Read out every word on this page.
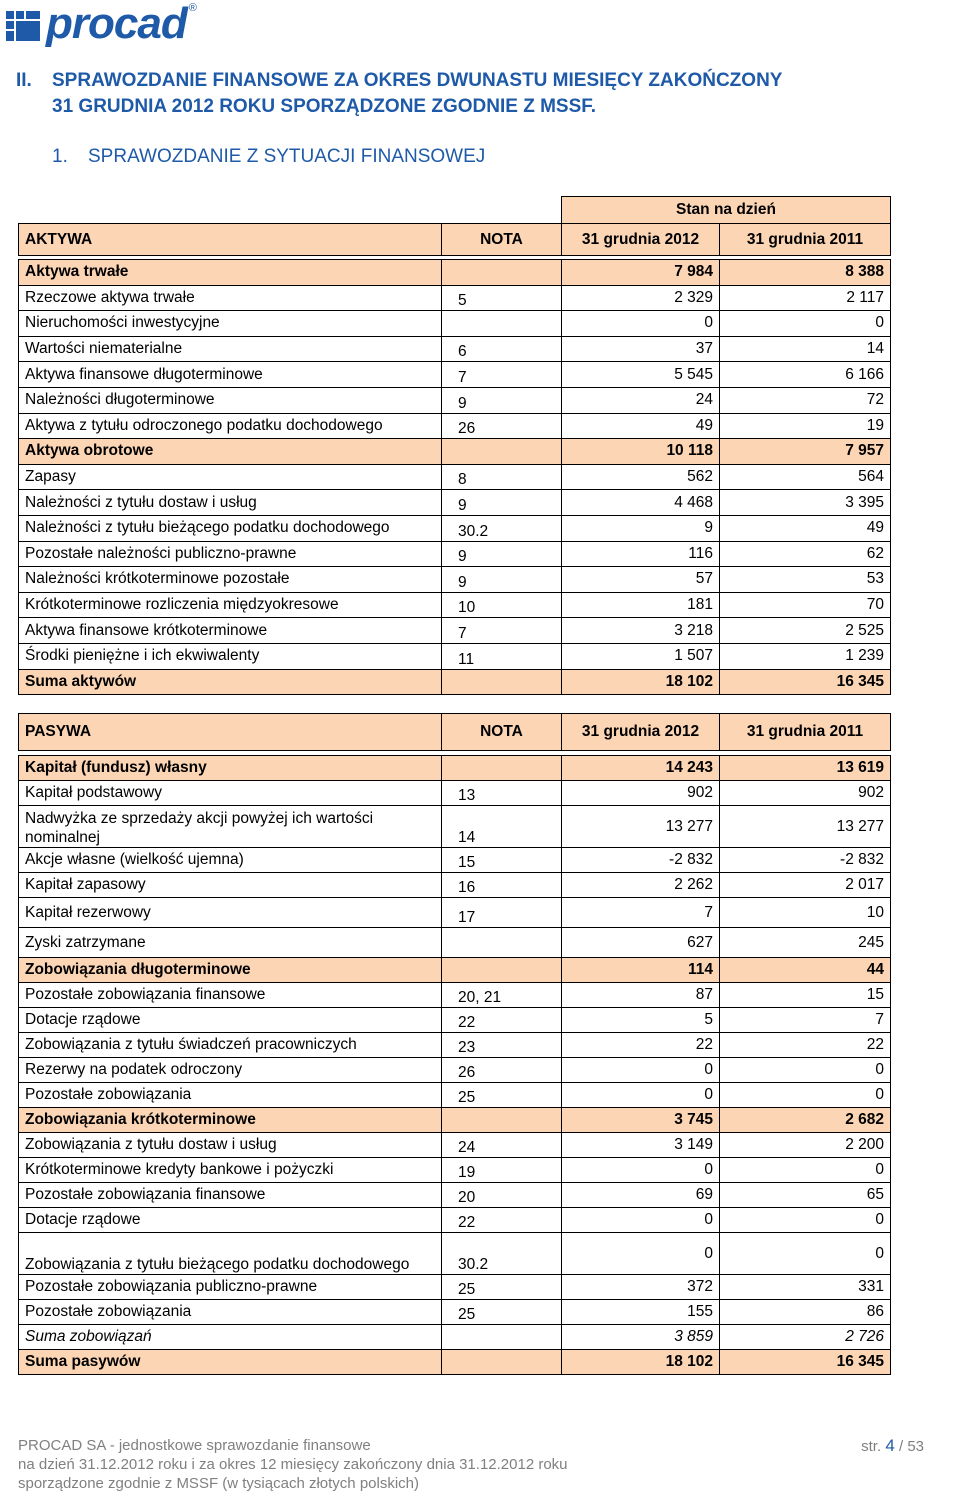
procad ®
II. SPRAWOZDANIE FINANSOWE ZA OKRES DWUNASTU MIESIĘCY ZAKOŃCZONY
31 GRUDNIA 2012 ROKU SPORZĄDZONE ZGODNIE Z MSSF.
1. SPRAWOZDANIE Z SYTUACJI FINANSOWEJ
		Stan na dzień	
AKTYWA	NOTA	31 grudnia 2012	31 grudnia 2011

Aktywa trwałe		7 984	8 388
Rzeczowe aktywa trwałe	5	2 329	2 117
Nieruchomości inwestycyjne		0	0
Wartości niematerialne	6	37	14
Aktywa finansowe długoterminowe	7	5 545	6 166
Należności długoterminowe	9	24	72
Aktywa z tytułu odroczonego podatku dochodowego	26	49	19
Aktywa obrotowe		10 118	7 957
Zapasy	8	562	564
Należności z tytułu dostaw i usług	9	4 468	3 395
Należności z tytułu bieżącego podatku dochodowego	30.2	9	49
Pozostałe należności publiczno-prawne	9	116	62
Należności krótkoterminowe pozostałe	9	57	53
Krótkoterminowe rozliczenia międzyokresowe	10	181	70
Aktywa finansowe krótkoterminowe	7	3 218	2 525
Środki pieniężne i ich ekwiwalenty	11	1 507	1 239
Suma aktywów		18 102	16 345
PASYWA	NOTA	31 grudnia 2012	31 grudnia 2011

Kapitał (fundusz) własny		14 243	13 619
Kapitał podstawowy	13	902	902
Nadwyżka ze sprzedaży akcji powyżej ich wartości nominalnej	14	13 277	13 277
Akcje własne (wielkość ujemna)	15	-2 832	-2 832
Kapitał zapasowy	16	2 262	2 017
Kapitał rezerwowy	17	7	10
Zyski zatrzymane		627	245
Zobowiązania długoterminowe		114	44
Pozostałe zobowiązania finansowe	20, 21	87	15
Dotacje rządowe	22	5	7
Zobowiązania z tytułu świadczeń pracowniczych	23	22	22
Rezerwy na podatek odroczony	26	0	0
Pozostałe zobowiązania	25	0	0
Zobowiązania krótkoterminowe		3 745	2 682
Zobowiązania z tytułu dostaw i usług	24	3 149	2 200
Krótkoterminowe kredyty bankowe i pożyczki	19	0	0
Pozostałe zobowiązania finansowe	20	69	65
Dotacje rządowe	22	0	0
Zobowiązania z tytułu bieżącego podatku dochodowego	30.2	0	0
Pozostałe zobowiązania publiczno-prawne	25	372	331
Pozostałe zobowiązania	25	155	86
Suma zobowiązań		3 859	2 726
Suma pasywów		18 102	16 345
PROCAD SA - jednostkowe sprawozdanie finansowe
na dzień 31.12.2012 roku i za okres 12 miesięcy zakończony dnia 31.12.2012 roku
sporządzone zgodnie z MSSF (w tysiącach złotych polskich)
str. 4 / 53
